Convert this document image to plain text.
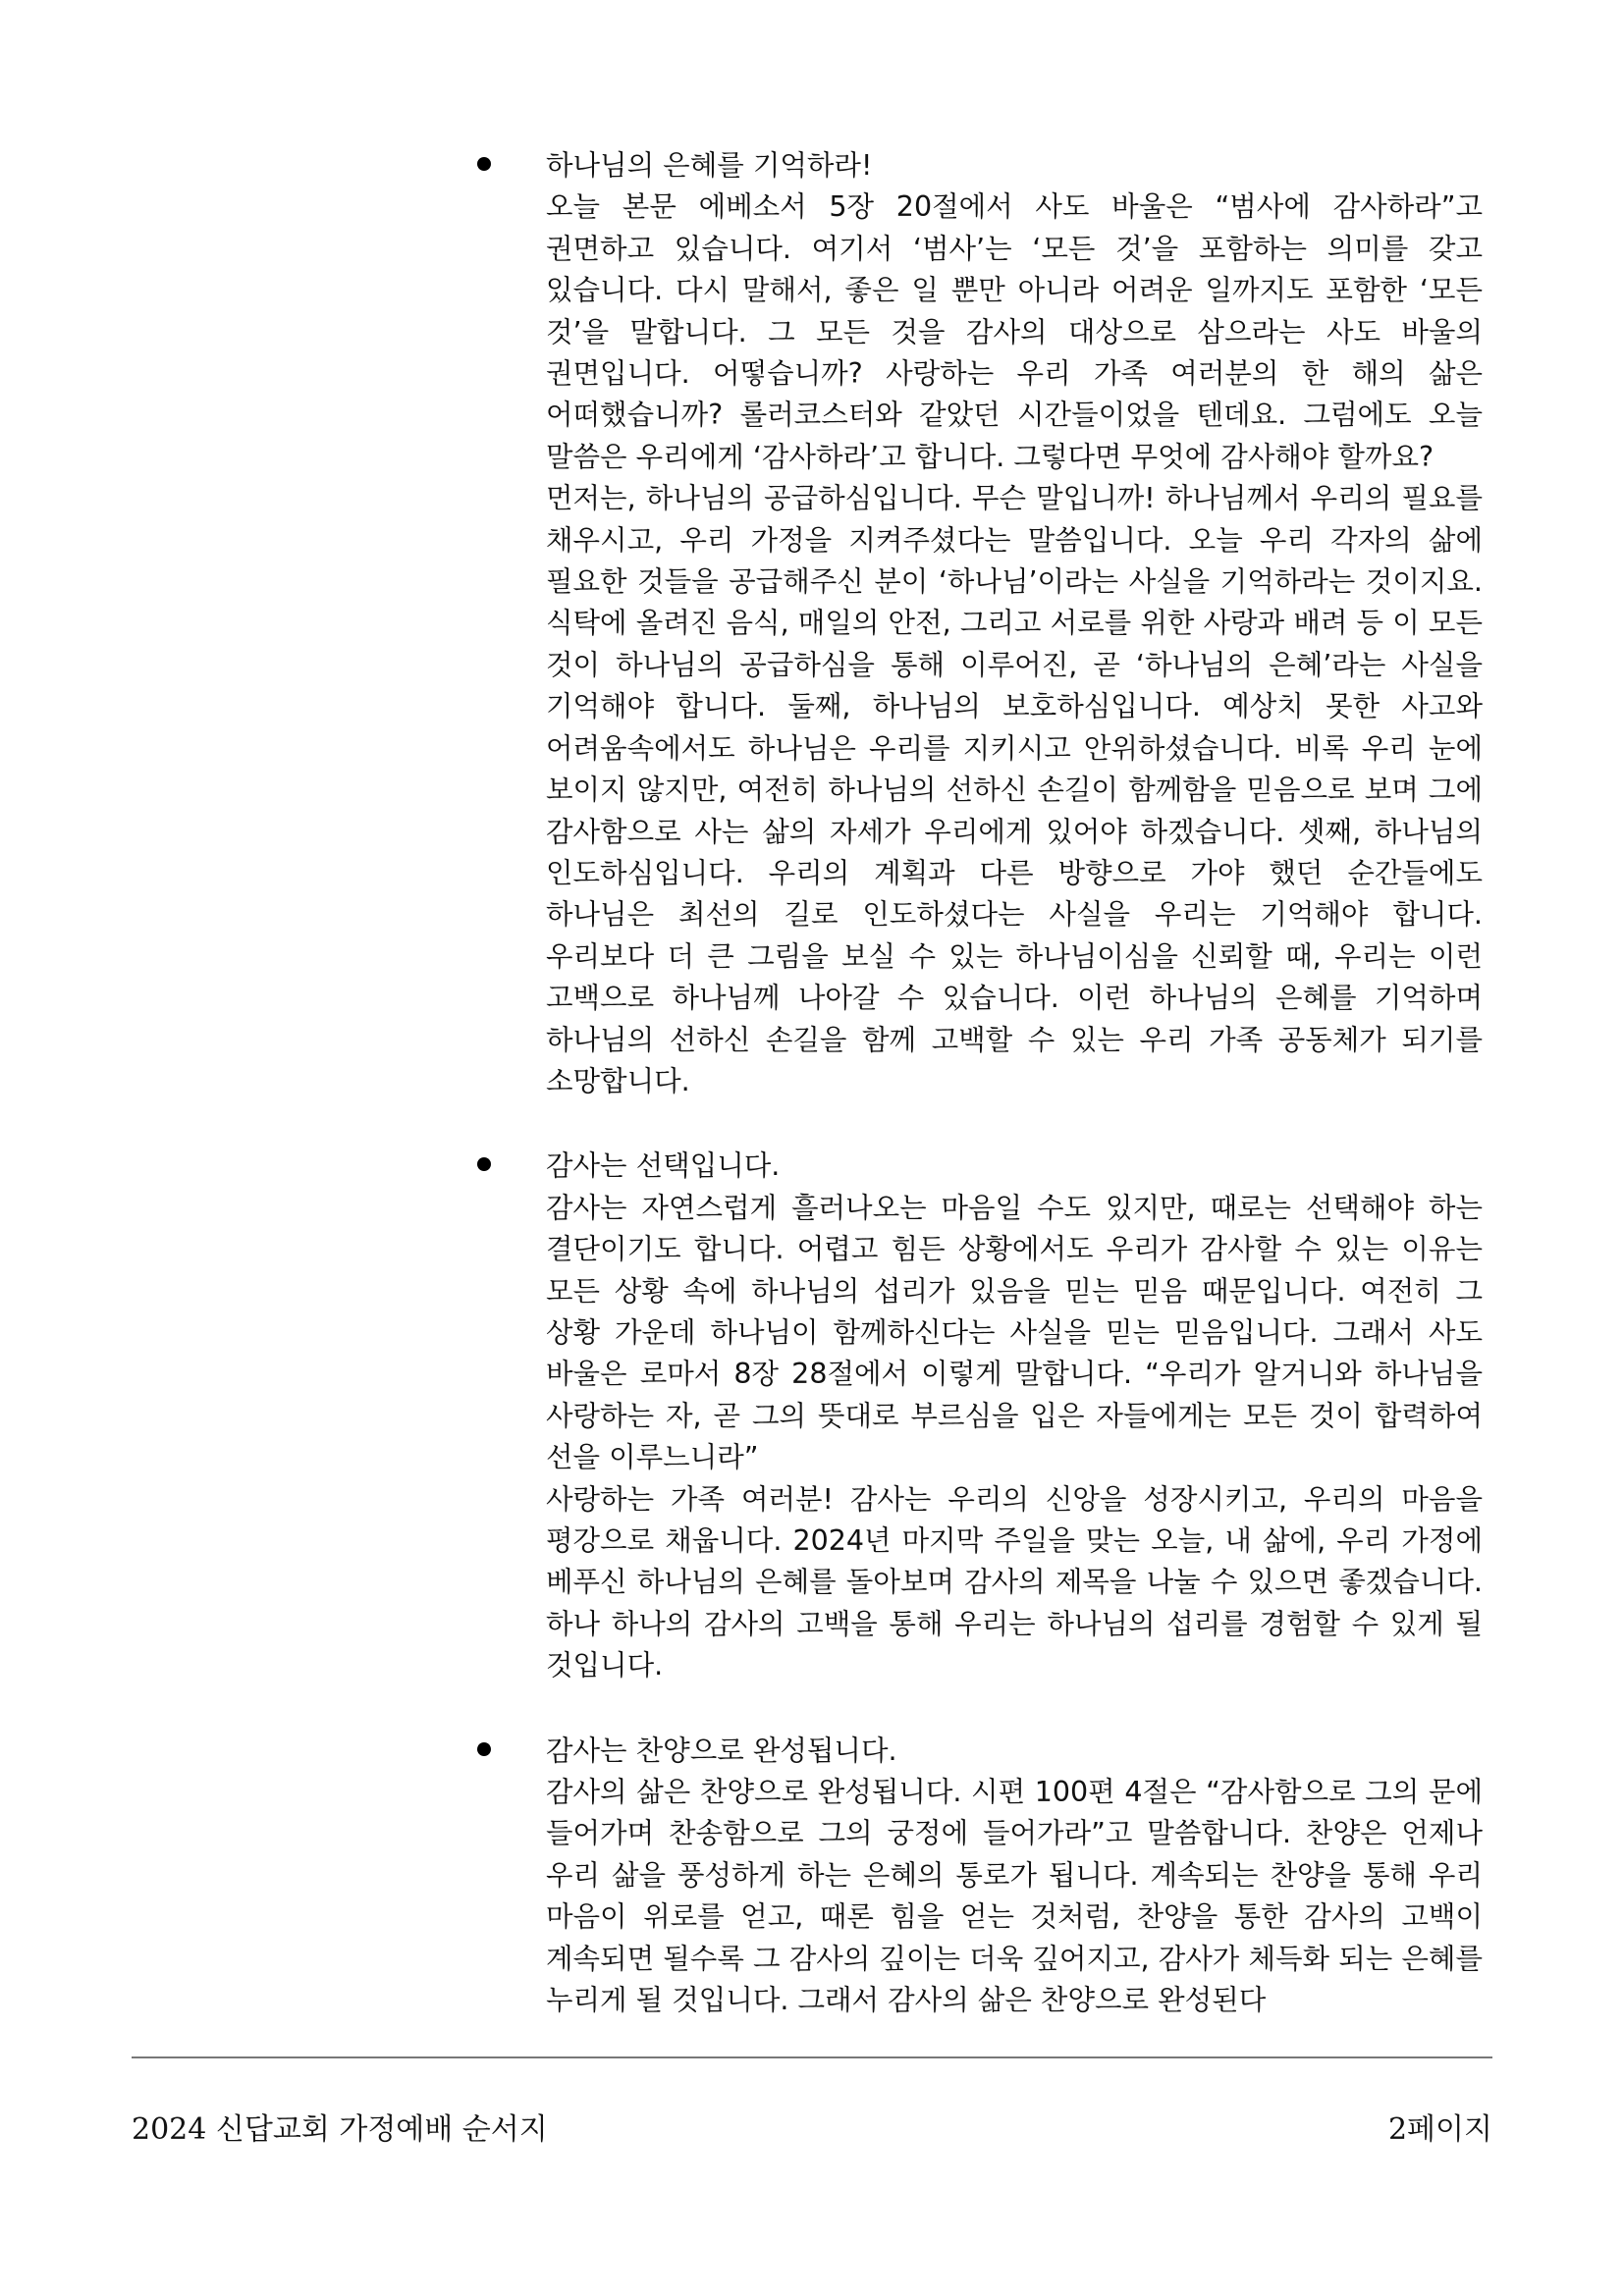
하나님의 은혜를 기억하라!

오늘 본문 에베소서 5장 20절에서 사도 바울은 “범사에 감사하라”고 권면하고 있습니다. 여기서 ‘범사’는 ‘모든 것’을 포함하는 의미를 갖고 있습니다. 다시 말해서, 좋은 일 뿐만 아니라 어려운 일까지도 포함한 ‘모든 것’을 말합니다. 그 모든 것을 감사의 대상으로 삼으라는 사도 바울의 권면입니다. 어떻습니까? 사랑하는 우리 가족 여러분의 한 해의 삶은 어떠했습니까? 롤러코스터와 같았던 시간들이었을 텐데요. 그럼에도 오늘 말씀은 우리에게 ‘감사하라’고 합니다. 그렇다면 무엇에 감사해야 할까요?

먼저는, 하나님의 공급하심입니다. 무슨 말입니까! 하나님께서 우리의 필요를 채우시고, 우리 가정을 지켜주셨다는 말씀입니다. 오늘 우리 각자의 삶에 필요한 것들을 공급해주신 분이 ‘하나님’이라는 사실을 기억하라는 것이지요. 식탁에 올려진 음식, 매일의 안전, 그리고 서로를 위한 사랑과 배려 등 이 모든 것이 하나님의 공급하심을 통해 이루어진, 곧 ‘하나님의 은혜’라는 사실을 기억해야 합니다. 둘째, 하나님의 보호하심입니다. 예상치 못한 사고와 어려움속에서도 하나님은 우리를 지키시고 안위하셨습니다. 비록 우리 눈에 보이지 않지만, 여전히 하나님의 선하신 손길이 함께함을 믿음으로 보며 그에 감사함으로 사는 삶의 자세가 우리에게 있어야 하겠습니다. 셋째, 하나님의 인도하심입니다. 우리의 계획과 다른 방향으로 가야 했던 순간들에도 하나님은 최선의 길로 인도하셨다는 사실을 우리는 기억해야 합니다. 우리보다 더 큰 그림을 보실 수 있는 하나님이심을 신뢰할 때, 우리는 이런 고백으로 하나님께 나아갈 수 있습니다. 이런 하나님의 은혜를 기억하며 하나님의 선하신 손길을 함께 고백할 수 있는 우리 가족 공동체가 되기를 소망합니다.

감사는 선택입니다.

감사는 자연스럽게 흘러나오는 마음일 수도 있지만, 때로는 선택해야 하는 결단이기도 합니다. 어렵고 힘든 상황에서도 우리가 감사할 수 있는 이유는 모든 상황 속에 하나님의 섭리가 있음을 믿는 믿음 때문입니다. 여전히 그 상황 가운데 하나님이 함께하신다는 사실을 믿는 믿음입니다. 그래서 사도 바울은 로마서 8장 28절에서 이렇게 말합니다. “우리가 알거니와 하나님을 사랑하는 자, 곧 그의 뜻대로 부르심을 입은 자들에게는 모든 것이 합력하여 선을 이루느니라”

사랑하는 가족 여러분! 감사는 우리의 신앙을 성장시키고, 우리의 마음을 평강으로 채웁니다. 2024년 마지막 주일을 맞는 오늘, 내 삶에, 우리 가정에 베푸신 하나님의 은혜를 돌아보며 감사의 제목을 나눌 수 있으면 좋겠습니다. 하나 하나의 감사의 고백을 통해 우리는 하나님의 섭리를 경험할 수 있게 될 것입니다.

감사는 찬양으로 완성됩니다.

감사의 삶은 찬양으로 완성됩니다. 시편 100편 4절은 “감사함으로 그의 문에 들어가며 찬송함으로 그의 궁정에 들어가라”고 말씀합니다. 찬양은 언제나 우리 삶을 풍성하게 하는 은혜의 통로가 됩니다. 계속되는 찬양을 통해 우리 마음이 위로를 얻고, 때론 힘을 얻는 것처럼, 찬양을 통한 감사의 고백이 계속되면 될수록 그 감사의 깊이는 더욱 깊어지고, 감사가 체득화 되는 은혜를 누리게 될 것입니다. 그래서 감사의 삶은 찬양으로 완성된다

2024 신답교회 가정예배 순서지	2페이지
